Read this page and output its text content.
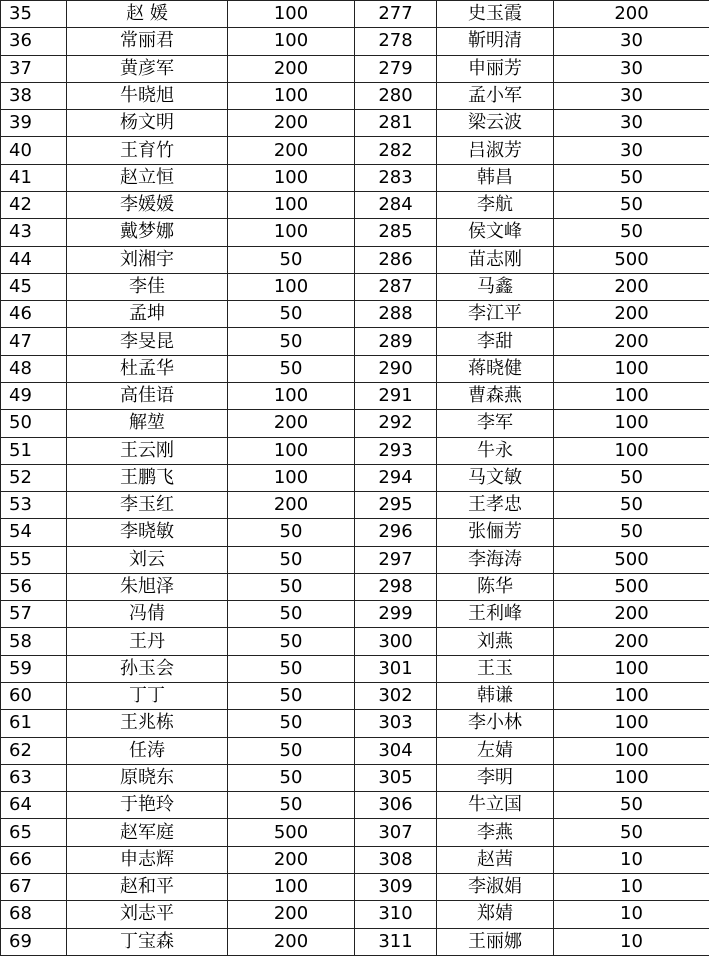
35	赵 媛	100	277	史玉霞	200
36	常丽君	100	278	靳明清	30
37	黄彦军	200	279	申丽芳	30
38	牛晓旭	100	280	孟小军	30
39	杨文明	200	281	梁云波	30
40	王育竹	200	282	吕淑芳	30
41	赵立恒	100	283	韩昌	50
42	李媛媛	100	284	李航	50
43	戴梦娜	100	285	侯文峰	50
44	刘湘宇	50	286	苗志刚	500
45	李佳	100	287	马鑫	200
46	孟坤	50	288	李江平	200
47	李旻昆	50	289	李甜	200
48	杜孟华	50	290	蒋晓健	100
49	高佳语	100	291	曹森燕	100
50	解堃	200	292	李军	100
51	王云刚	100	293	牛永	100
52	王鹏飞	100	294	马文敏	50
53	李玉红	200	295	王孝忠	50
54	李晓敏	50	296	张俪芳	50
55	刘云	50	297	李海涛	500
56	朱旭泽	50	298	陈华	500
57	冯倩	50	299	王利峰	200
58	王丹	50	300	刘燕	200
59	孙玉会	50	301	王玉	100
60	丁丁	50	302	韩谦	100
61	王兆栋	50	303	李小林	100
62	任涛	50	304	左婧	100
63	原晓东	50	305	李明	100
64	于艳玲	50	306	牛立国	50
65	赵军庭	500	307	李燕	50
66	申志辉	200	308	赵茜	10
67	赵和平	100	309	李淑娟	10
68	刘志平	200	310	郑婧	10
69	丁宝森	200	311	王丽娜	10
